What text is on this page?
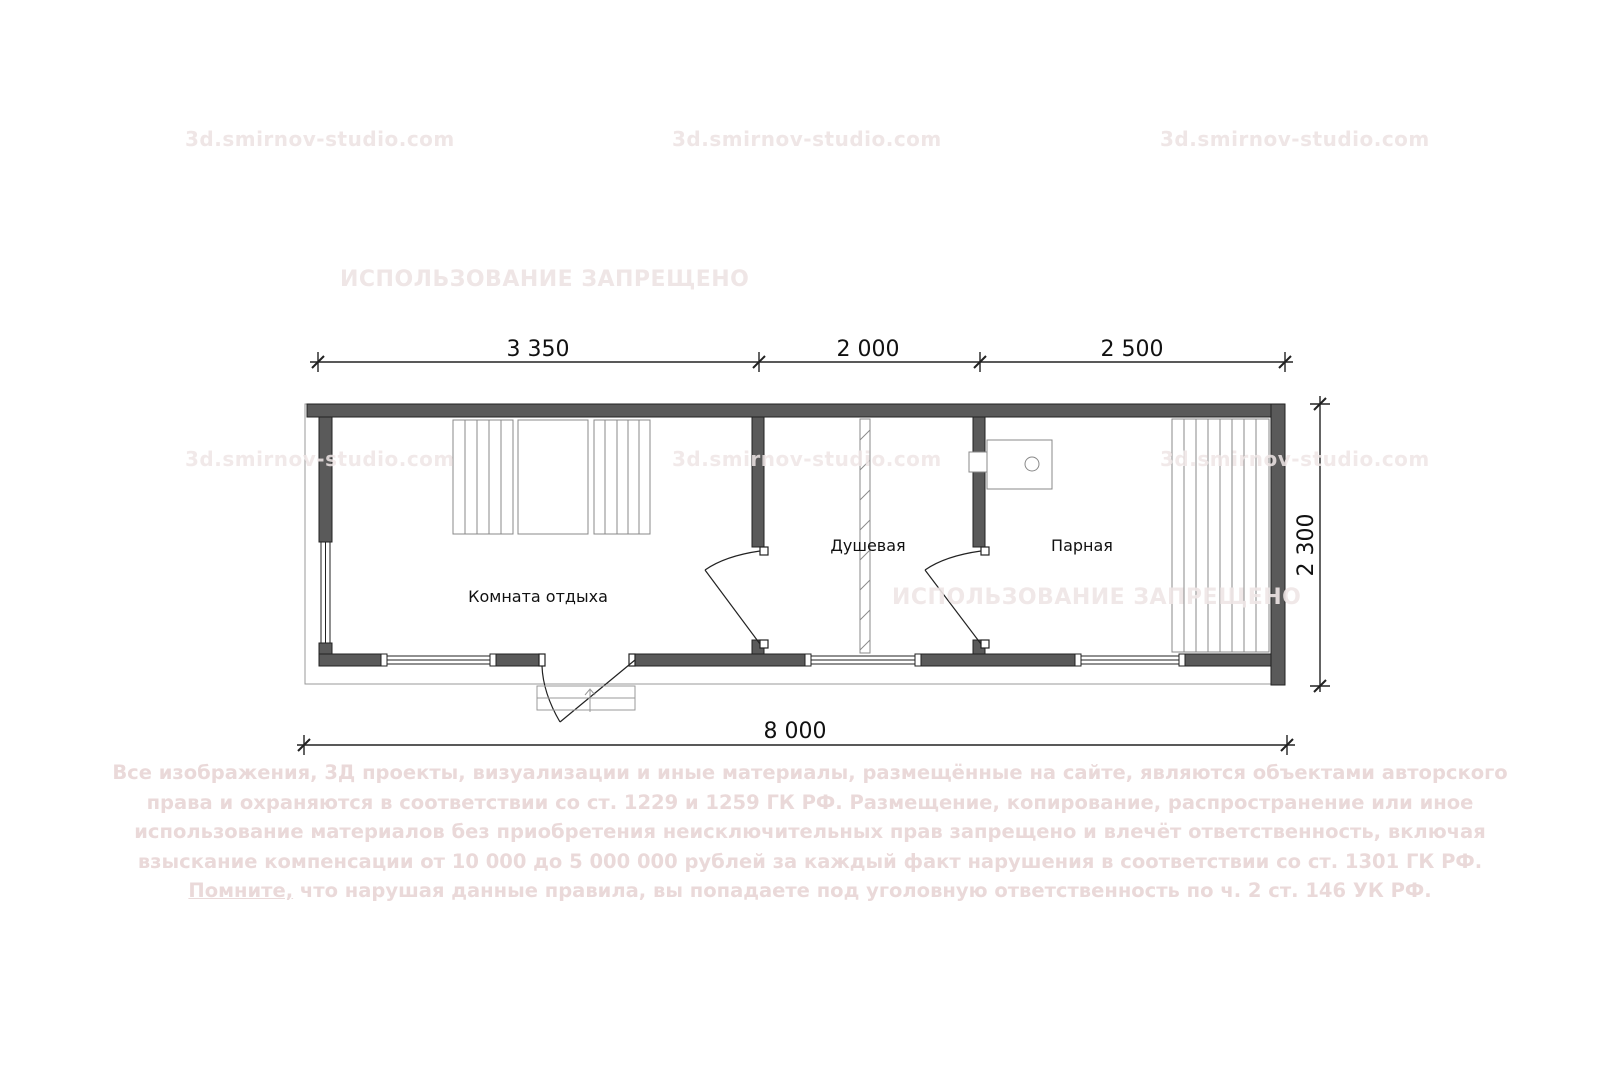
3d.smirnov-studio.com	3d.smirnov-studio.com	3d.smirnov-studio.com
ИСПОЛЬЗОВАНИЕ ЗАПРЕЩЕНО
3 350	2 000	2 500
8 000
2 300
Комната отдыха
Душевая	Парная
3d.smirnov-studio.com	3d.smirnov-studio.com	3d.smirnov-studio.com
ИСПОЛЬЗОВАНИЕ ЗАПРЕЩЕНО
Все изображения, 3Д проекты, визуализации и иные материалы, размещённые на сайте, являются объектами авторского
права и охраняются в соответствии со ст. 1229 и 1259 ГК РФ. Размещение, копирование, распространение или иное
использование материалов без приобретения неисключительных прав запрещено и влечёт ответственность, включая
взыскание компенсации от 10 000 до 5 000 000 рублей за каждый факт нарушения в соответствии со ст. 1301 ГК РФ.
Помните, что нарушая данные правила, вы попадаете под уголовную ответственность по ч. 2 ст. 146 УК РФ.
